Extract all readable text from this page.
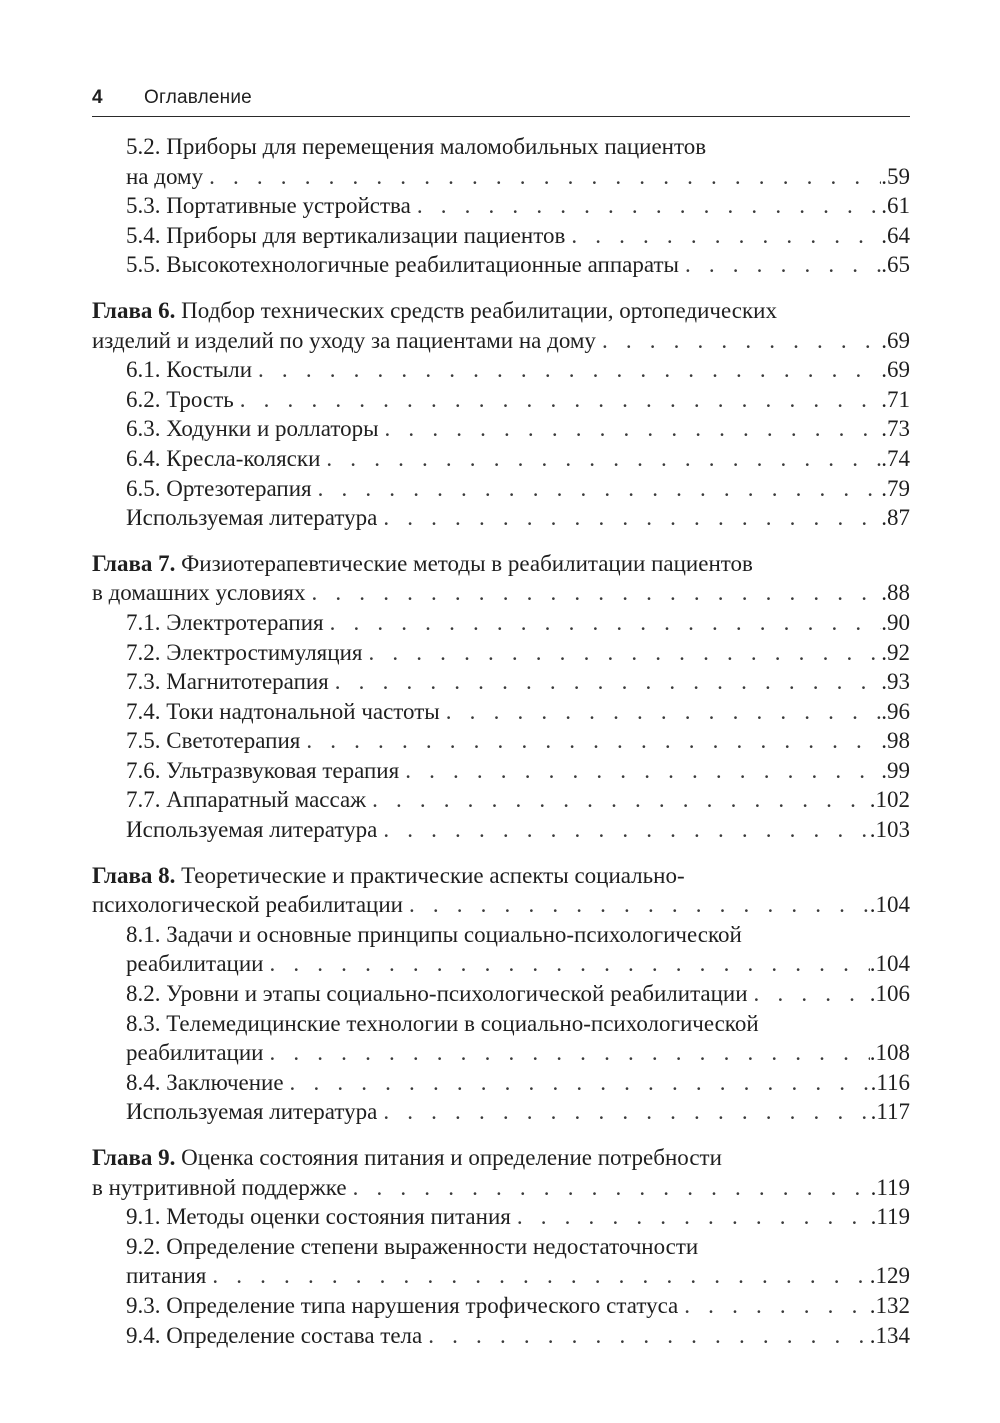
4 Оглавление
5.2. Приборы для перемещения маломобильных пациентов
на дому . . .	.59
5.3. Портативные устройства . . .	.61
5.4. Приборы для вертикализации пациентов . . .	.64
5.5. Высокотехнологичные реабилитационные аппараты . . .	.65
Глава 6. Подбор технических средств реабилитации, ортопедических
изделий и изделий по уходу за пациентами на дому . . .	.69
6.1. Костыли . . .	.69
6.2. Трость . . .	.71
6.3. Ходунки и роллаторы . . .	.73
6.4. Кресла-коляски . . .	.74
6.5. Ортезотерапия . . .	.79
Используемая литература . . .	.87
Глава 7. Физиотерапевтические методы в реабилитации пациентов
в домашних условиях . . .	.88
7.1. Электротерапия . . .	.90
7.2. Электростимуляция . . .	.92
7.3. Магнитотерапия . . .	.93
7.4. Токи надтональной частоты . . .	.96
7.5. Светотерапия . . .	.98
7.6. Ультразвуковая терапия . . .	.99
7.7. Аппаратный массаж . . .	.102
Используемая литература . . .	.103
Глава 8. Теоретические и практические аспекты социально-
психологической реабилитации . . .	.104
8.1. Задачи и основные принципы социально-психологической
реабилитации . . .	.104
8.2. Уровни и этапы социально-психологической реабилитации . . .	.106
8.3. Телемедицинские технологии в социально-психологической
реабилитации . . .	.108
8.4. Заключение . . .	.116
Используемая литература . . .	.117
Глава 9. Оценка состояния питания и определение потребности
в нутритивной поддержке . . .	.119
9.1. Методы оценки состояния питания . . .	.119
9.2. Определение степени выраженности недостаточности
питания . . .	.129
9.3. Определение типа нарушения трофического статуса . . .	.132
9.4. Определение состава тела . . .	.134
